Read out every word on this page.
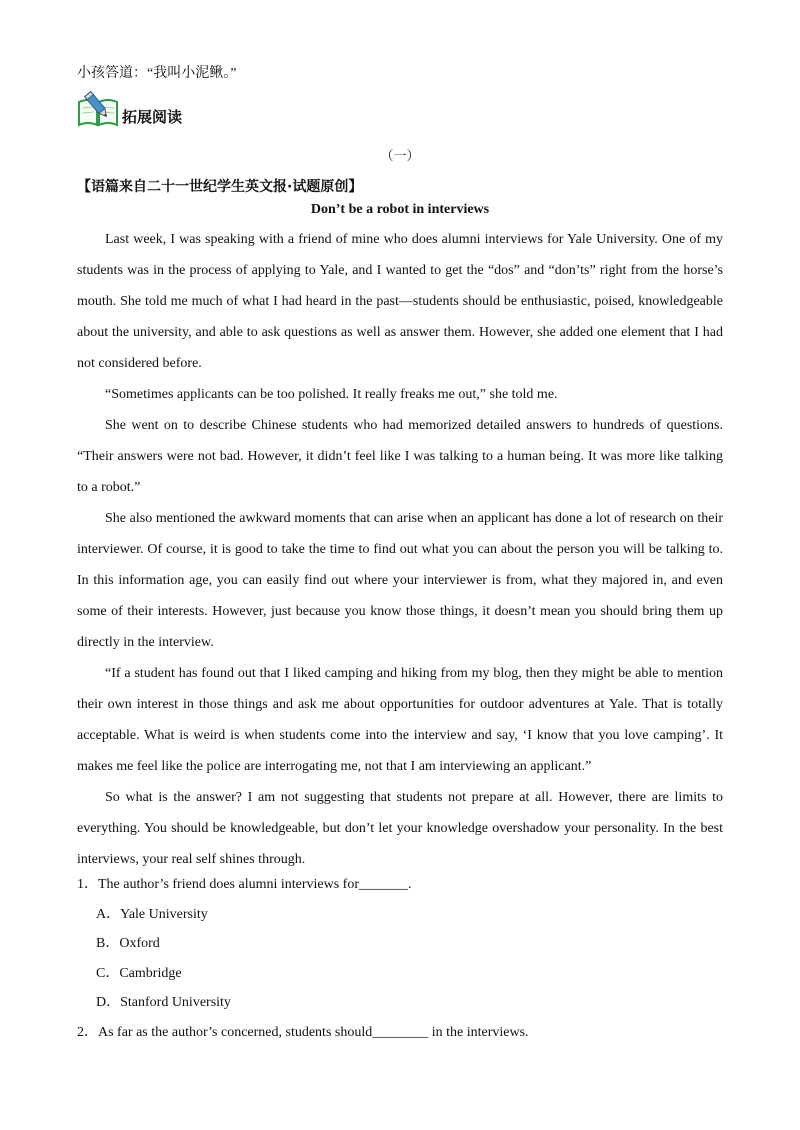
小孩答道：“我叫小泥鳅。”
拓展阅读
（一）
【语篇来自二十一世纪学生英文报·试题原创】
Don’t be a robot in interviews

Last week, I was speaking with a friend of mine who does alumni interviews for Yale University. One of my students was in the process of applying to Yale, and I wanted to get the “dos” and “don’ts” right from the horse’s mouth. She told me much of what I had heard in the past—students should be enthusiastic, poised, knowledgeable about the university, and able to ask questions as well as answer them. However, she added one element that I had not considered before.

“Sometimes applicants can be too polished. It really freaks me out,” she told me.

She went on to describe Chinese students who had memorized detailed answers to hundreds of questions. “Their answers were not bad. However, it didn’t feel like I was talking to a human being. It was more like talking to a robot.”

She also mentioned the awkward moments that can arise when an applicant has done a lot of research on their interviewer. Of course, it is good to take the time to find out what you can about the person you will be talking to. In this information age, you can easily find out where your interviewer is from, what they majored in, and even some of their interests. However, just because you know those things, it doesn’t mean you should bring them up directly in the interview.

“If a student has found out that I liked camping and hiking from my blog, then they might be able to mention their own interest in those things and ask me about opportunities for outdoor adventures at Yale. That is totally acceptable. What is weird is when students come into the interview and say, ‘I know that you love camping’. It makes me feel like the police are interrogating me, not that I am interviewing an applicant.”

So what is the answer? I am not suggesting that students not prepare at all. However, there are limits to everything. You should be knowledgeable, but don’t let your knowledge overshadow your personality. In the best interviews, your real self shines through.

1．The author’s friend does alumni interviews for_______.
A．Yale University
B．Oxford
C．Cambridge
D．Stanford University
2．As far as the author’s concerned, students should________ in the interviews.
